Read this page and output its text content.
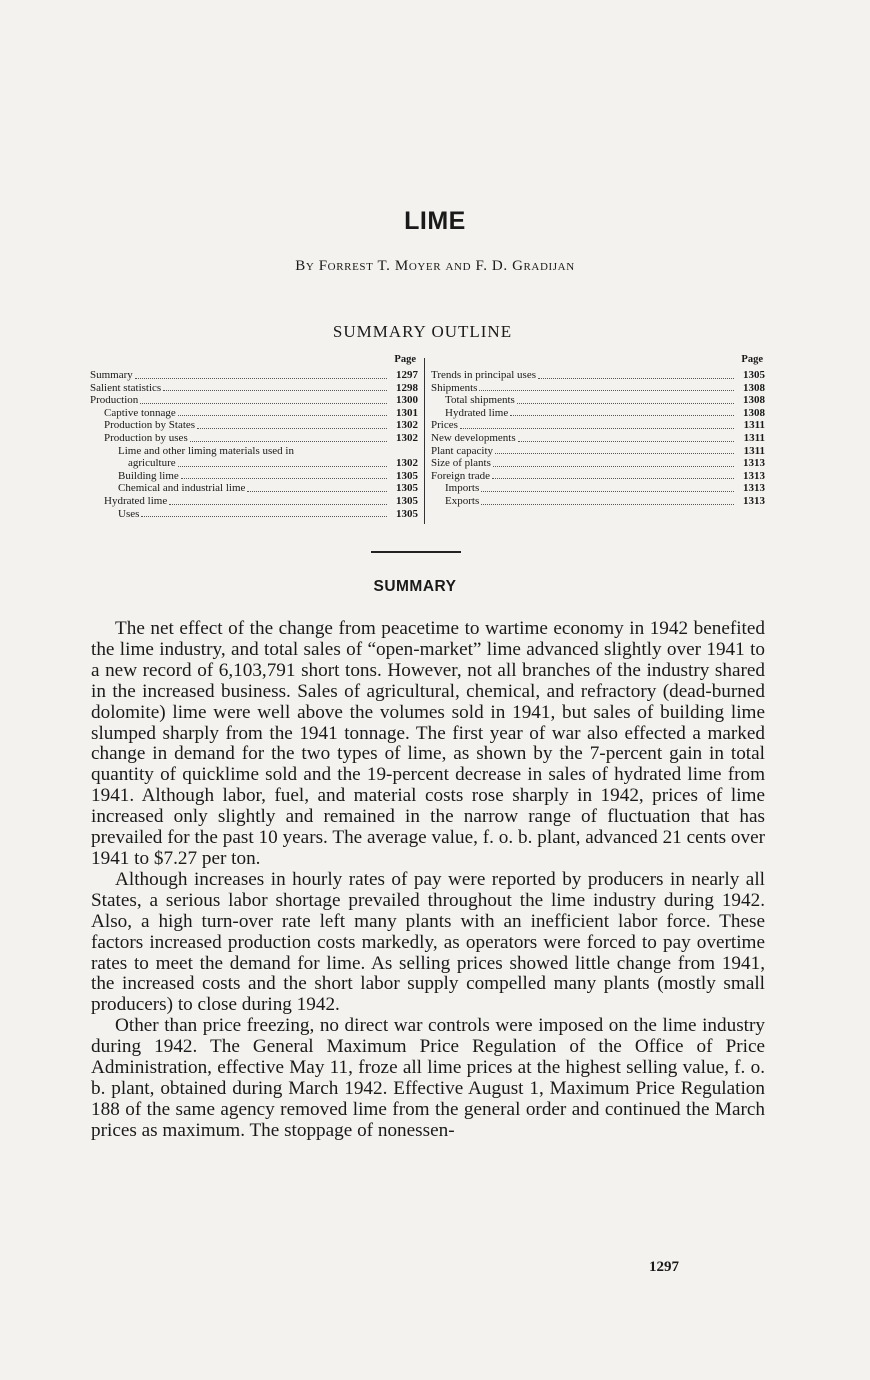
LIME
By Forrest T. Moyer and F. D. Gradijan
SUMMARY OUTLINE
Page
Summary	1297
Salient statistics	1298
Production	1300
Captive tonnage	1301
Production by States	1302
Production by uses	1302
Lime and other liming materials used in
agriculture	1302
Building lime	1305
Chemical and industrial lime	1305
Hydrated lime	1305
Uses	1305
Page
Trends in principal uses	1305
Shipments	1308
Total shipments	1308
Hydrated lime	1308
Prices	1311
New developments	1311
Plant capacity	1311
Size of plants	1313
Foreign trade	1313
Imports	1313
Exports	1313
SUMMARY

The net effect of the change from peacetime to wartime economy in 1942 benefited the lime industry, and total sales of “open-market” lime advanced slightly over 1941 to a new record of 6,103,791 short tons. However, not all branches of the industry shared in the increased business. Sales of agricultural, chemical, and refractory (dead-burned dolomite) lime were well above the volumes sold in 1941, but sales of building lime slumped sharply from the 1941 tonnage. The first year of war also effected a marked change in demand for the two types of lime, as shown by the 7-percent gain in total quantity of quicklime sold and the 19-percent decrease in sales of hydrated lime from 1941. Although labor, fuel, and material costs rose sharply in 1942, prices of lime increased only slightly and remained in the narrow range of fluctuation that has prevailed for the past 10 years. The average value, f. o. b. plant, advanced 21 cents over 1941 to $7.27 per ton.

Although increases in hourly rates of pay were reported by producers in nearly all States, a serious labor shortage prevailed throughout the lime industry during 1942. Also, a high turn-over rate left many plants with an inefficient labor force. These factors increased production costs markedly, as operators were forced to pay overtime rates to meet the demand for lime. As selling prices showed little change from 1941, the increased costs and the short labor supply compelled many plants (mostly small producers) to close during 1942.

Other than price freezing, no direct war controls were imposed on the lime industry during 1942. The General Maximum Price Regulation of the Office of Price Administration, effective May 11, froze all lime prices at the highest selling value, f. o. b. plant, obtained during March 1942. Effective August 1, Maximum Price Regulation 188 of the same agency removed lime from the general order and continued the March prices as maximum. The stoppage of nonessen-

1297
